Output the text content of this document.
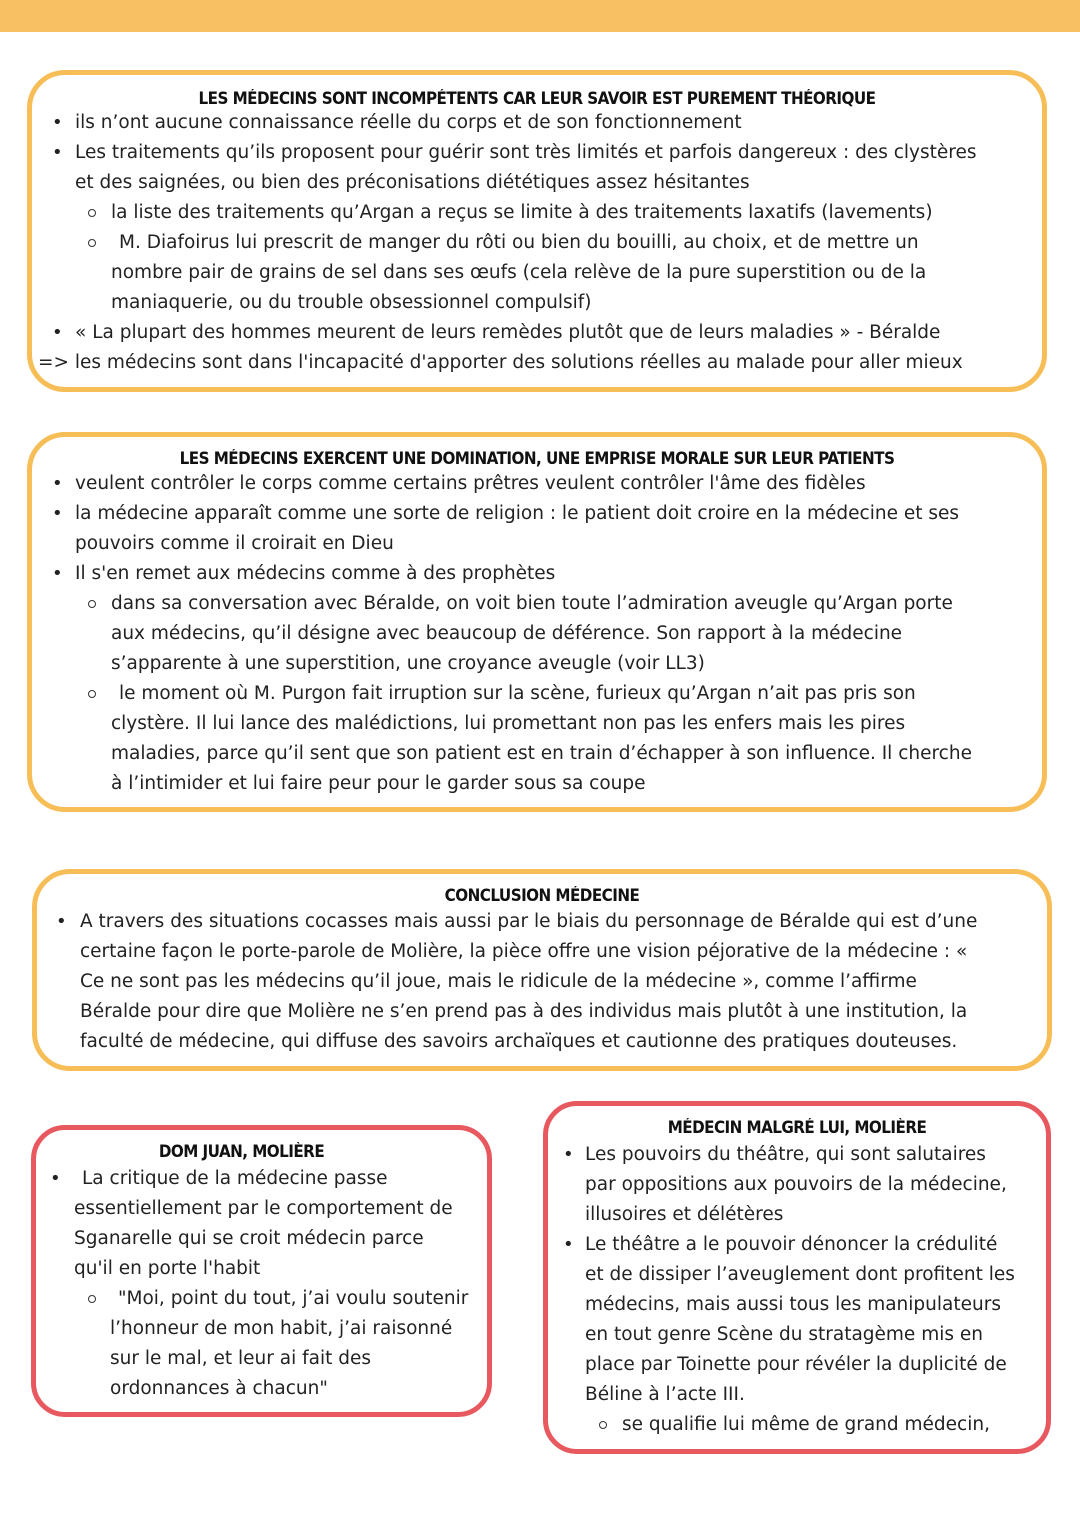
LES MÉDECINS SONT INCOMPÉTENTS CAR LEUR SAVOIR EST PUREMENT THÉORIQUE
• ils n’ont aucune connaissance réelle du corps et de son fonctionnement
• Les traitements qu’ils proposent pour guérir sont très limités et parfois dangereux : des clystères
et des saignées, ou bien des préconisations diététiques assez hésitantes
la liste des traitements qu’Argan a reçus se limite à des traitements laxatifs (lavements)
M. Diafoirus lui prescrit de manger du rôti ou bien du bouilli, au choix, et de mettre un
nombre pair de grains de sel dans ses œufs (cela relève de la pure superstition ou de la
maniaquerie, ou du trouble obsessionnel compulsif)
• « La plupart des hommes meurent de leurs remèdes plutôt que de leurs maladies » - Béralde
=> les médecins sont dans l'incapacité d'apporter des solutions réelles au malade pour aller mieux
LES MÉDECINS EXERCENT UNE DOMINATION, UNE EMPRISE MORALE SUR LEUR PATIENTS
• veulent contrôler le corps comme certains prêtres veulent contrôler l'âme des fidèles
• la médecine apparaît comme une sorte de religion : le patient doit croire en la médecine et ses
pouvoirs comme il croirait en Dieu
• Il s'en remet aux médecins comme à des prophètes
dans sa conversation avec Béralde, on voit bien toute l’admiration aveugle qu’Argan porte
aux médecins, qu’il désigne avec beaucoup de déférence. Son rapport à la médecine
s’apparente à une superstition, une croyance aveugle (voir LL3)
le moment où M. Purgon fait irruption sur la scène, furieux qu’Argan n’ait pas pris son
clystère. Il lui lance des malédictions, lui promettant non pas les enfers mais les pires
maladies, parce qu’il sent que son patient est en train d’échapper à son influence. Il cherche
à l’intimider et lui faire peur pour le garder sous sa coupe
CONCLUSION MÉDECINE
• A travers des situations cocasses mais aussi par le biais du personnage de Béralde qui est d’une
certaine façon le porte-parole de Molière, la pièce offre une vision péjorative de la médecine : «
Ce ne sont pas les médecins qu’il joue, mais le ridicule de la médecine », comme l’affirme
Béralde pour dire que Molière ne s’en prend pas à des individus mais plutôt à une institution, la
faculté de médecine, qui diffuse des savoirs archaïques et cautionne des pratiques douteuses.
DOM JUAN, MOLIÈRE
• La critique de la médecine passe
essentiellement par le comportement de
Sganarelle qui se croit médecin parce
qu'il en porte l'habit
"Moi, point du tout, j’ai voulu soutenir
l’honneur de mon habit, j’ai raisonné
sur le mal, et leur ai fait des
ordonnances à chacun"
MÉDECIN MALGRÉ LUI, MOLIÈRE
• Les pouvoirs du théâtre, qui sont salutaires
par oppositions aux pouvoirs de la médecine,
illusoires et délétères
• Le théâtre a le pouvoir dénoncer la crédulité
et de dissiper l’aveuglement dont profitent les
médecins, mais aussi tous les manipulateurs
en tout genre Scène du stratagème mis en
place par Toinette pour révéler la duplicité de
Béline à l’acte III.
se qualifie lui même de grand médecin,
